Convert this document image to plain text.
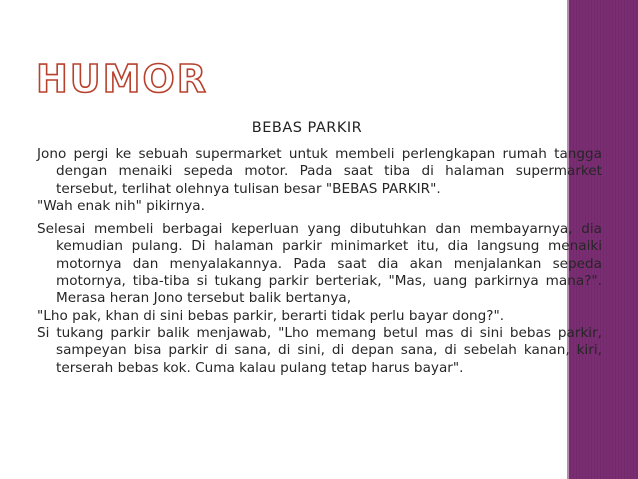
HUMOR
BEBAS PARKIR

Jono pergi ke sebuah supermarket untuk membeli perlengkapan rumah tangga dengan menaiki sepeda motor. Pada saat tiba di halaman supermarket tersebut, terlihat olehnya tulisan besar "BEBAS PARKIR".
"Wah enak nih" pikirnya.

Selesai membeli berbagai keperluan yang dibutuhkan dan membayarnya, dia kemudian pulang. Di halaman parkir minimarket itu, dia langsung menaiki motornya dan menyalakannya. Pada saat dia akan menjalankan sepeda motornya, tiba-tiba si tukang parkir berteriak, "Mas, uang parkirnya mana?". Merasa heran Jono tersebut balik bertanya,
"Lho pak, khan di sini bebas parkir, berarti tidak perlu bayar dong?".
Si tukang parkir balik menjawab, "Lho memang betul mas di sini bebas parkir, sampeyan bisa parkir di sana, di sini, di depan sana, di sebelah kanan, kiri, terserah bebas kok. Cuma kalau pulang tetap harus bayar".
